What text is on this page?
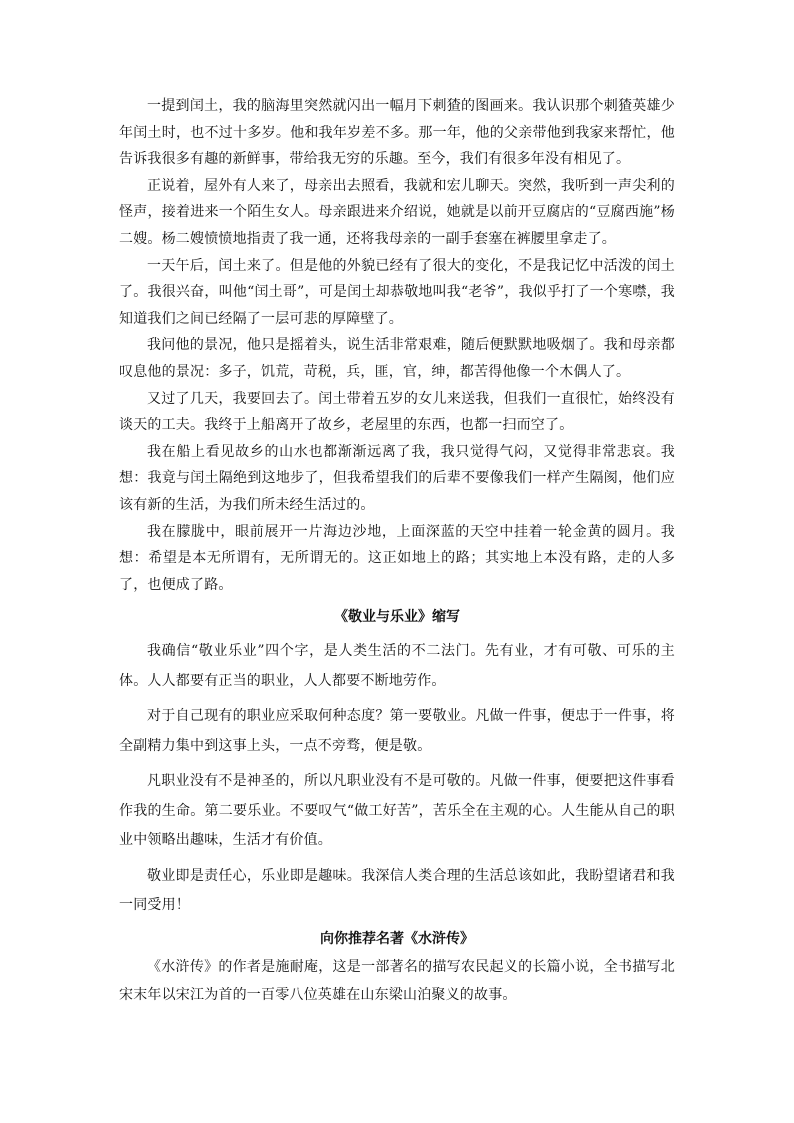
一提到闰土，我的脑海里突然就闪出一幅月下刺猹的图画来。我认识那个刺猹英雄少年闰土时，也不过十多岁。他和我年岁差不多。那一年，他的父亲带他到我家来帮忙，他告诉我很多有趣的新鲜事，带给我无穷的乐趣。至今，我们有很多年没有相见了。

正说着，屋外有人来了，母亲出去照看，我就和宏儿聊天。突然，我听到一声尖利的怪声，接着进来一个陌生女人。母亲跟进来介绍说，她就是以前开豆腐店的“豆腐西施”杨二嫂。杨二嫂愤愤地指责了我一通，还将我母亲的一副手套塞在裤腰里拿走了。

一天午后，闰土来了。但是他的外貌已经有了很大的变化，不是我记忆中活泼的闰土了。我很兴奋，叫他“闰土哥”，可是闰土却恭敬地叫我“老爷”，我似乎打了一个寒噤，我知道我们之间已经隔了一层可悲的厚障壁了。

我问他的景况，他只是摇着头，说生活非常艰难，随后便默默地吸烟了。我和母亲都叹息他的景况：多子，饥荒，苛税，兵，匪，官，绅，都苦得他像一个木偶人了。

又过了几天，我要回去了。闰土带着五岁的女儿来送我，但我们一直很忙，始终没有谈天的工夫。我终于上船离开了故乡，老屋里的东西，也都一扫而空了。

我在船上看见故乡的山水也都渐渐远离了我，我只觉得气闷，又觉得非常悲哀。我想：我竟与闰土隔绝到这地步了，但我希望我们的后辈不要像我们一样产生隔阂，他们应该有新的生活，为我们所未经生活过的。

我在朦胧中，眼前展开一片海边沙地，上面深蓝的天空中挂着一轮金黄的圆月。我想：希望是本无所谓有，无所谓无的。这正如地上的路；其实地上本没有路，走的人多了，也便成了路。

《敬业与乐业》缩写

我确信“敬业乐业”四个字，是人类生活的不二法门。先有业，才有可敬、可乐的主体。人人都要有正当的职业，人人都要不断地劳作。

对于自己现有的职业应采取何种态度？第一要敬业。凡做一件事，便忠于一件事，将全副精力集中到这事上头，一点不旁骛，便是敬。

凡职业没有不是神圣的，所以凡职业没有不是可敬的。凡做一件事，便要把这件事看作我的生命。第二要乐业。不要叹气“做工好苦”，苦乐全在主观的心。人生能从自己的职业中领略出趣味，生活才有价值。

敬业即是责任心，乐业即是趣味。我深信人类合理的生活总该如此，我盼望诸君和我一同受用！

向你推荐名著《水浒传》

《水浒传》的作者是施耐庵，这是一部著名的描写农民起义的长篇小说，全书描写北宋末年以宋江为首的一百零八位英雄在山东梁山泊聚义的故事。
